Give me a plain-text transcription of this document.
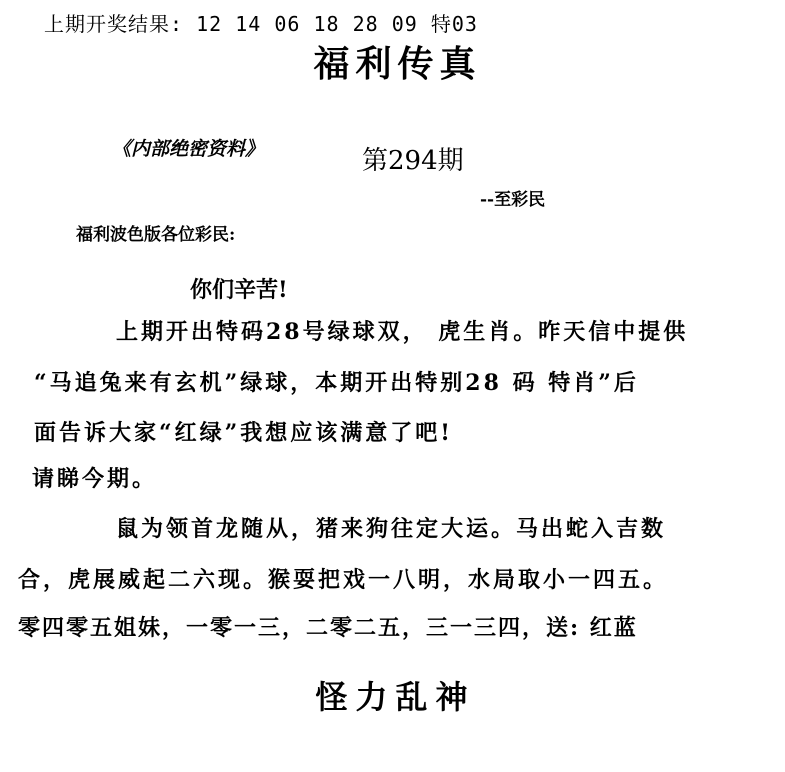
上期开奖结果: 12 14 06 18 28 09 特03
福利传真
《内部绝密资料》	第294期
--至彩民
福利波色版各位彩民:
你们辛苦!
上期开出特码28号绿球双， 虎生肖。昨天信中提供
“马追兔来有玄机”绿球，本期开出特别28 码 特肖”后
面告诉大家“红绿”我想应该满意了吧!
请睇今期。
鼠为领首龙随从，猪来狗往定大运。马出蛇入吉数
合，虎展威起二六现。猴耍把戏一八明，水局取小一四五。
零四零五姐妹，一零一三，二零二五，三一三四，送: 红蓝
怪力乱神
